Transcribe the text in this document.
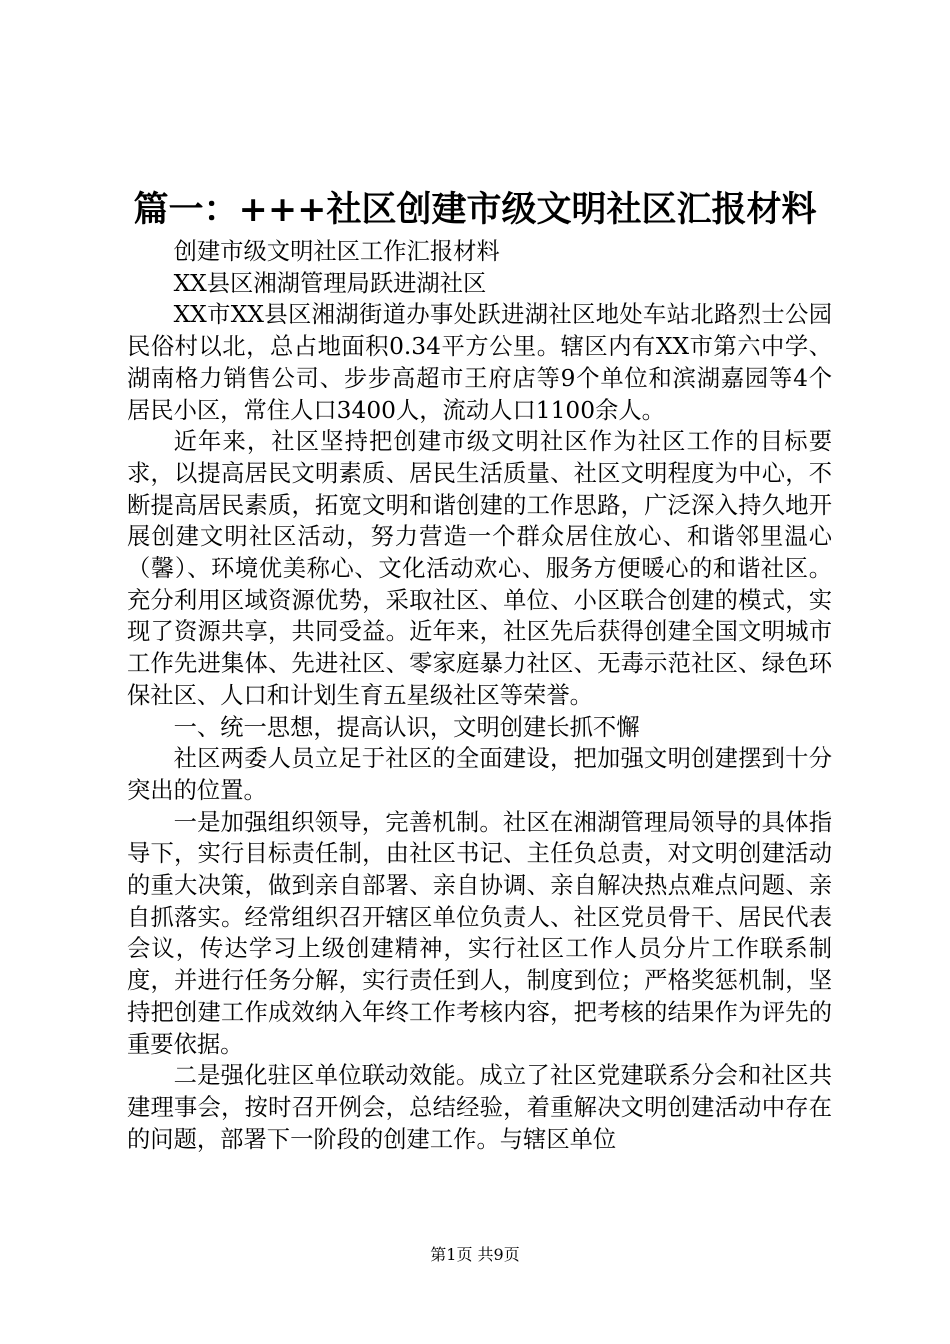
篇一：+++社区创建市级文明社区汇报材料

创建市级文明社区工作汇报材料

XX县区湘湖管理局跃进湖社区

XX市XX县区湘湖街道办事处跃进湖社区地处车站北路烈士公园民俗村以北，总占地面积0.34平方公里。辖区内有XX市第六中学、湖南格力销售公司、步步高超市王府店等9个单位和滨湖嘉园等4个居民小区，常住人口3400人，流动人口1100余人。

近年来，社区坚持把创建市级文明社区作为社区工作的目标要求，以提高居民文明素质、居民生活质量、社区文明程度为中心，不断提高居民素质，拓宽文明和谐创建的工作思路，广泛深入持久地开展创建文明社区活动，努力营造一个群众居住放心、和谐邻里温心（馨）、环境优美称心、文化活动欢心、服务方便暖心的和谐社区。充分利用区域资源优势，采取社区、单位、小区联合创建的模式，实现了资源共享，共同受益。近年来，社区先后获得创建全国文明城市工作先进集体、先进社区、零家庭暴力社区、无毒示范社区、绿色环保社区、人口和计划生育五星级社区等荣誉。

一、统一思想，提高认识，文明创建长抓不懈

社区两委人员立足于社区的全面建设，把加强文明创建摆到十分突出的位置。

一是加强组织领导，完善机制。社区在湘湖管理局领导的具体指导下，实行目标责任制，由社区书记、主任负总责，对文明创建活动的重大决策，做到亲自部署、亲自协调、亲自解决热点难点问题、亲自抓落实。经常组织召开辖区单位负责人、社区党员骨干、居民代表会议，传达学习上级创建精神，实行社区工作人员分片工作联系制度，并进行任务分解，实行责任到人，制度到位；严格奖惩机制，坚持把创建工作成效纳入年终工作考核内容，把考核的结果作为评先的重要依据。

二是强化驻区单位联动效能。成立了社区党建联系分会和社区共建理事会，按时召开例会，总结经验，着重解决文明创建活动中存在的问题，部署下一阶段的创建工作。与辖区单位

第1页 共9页
